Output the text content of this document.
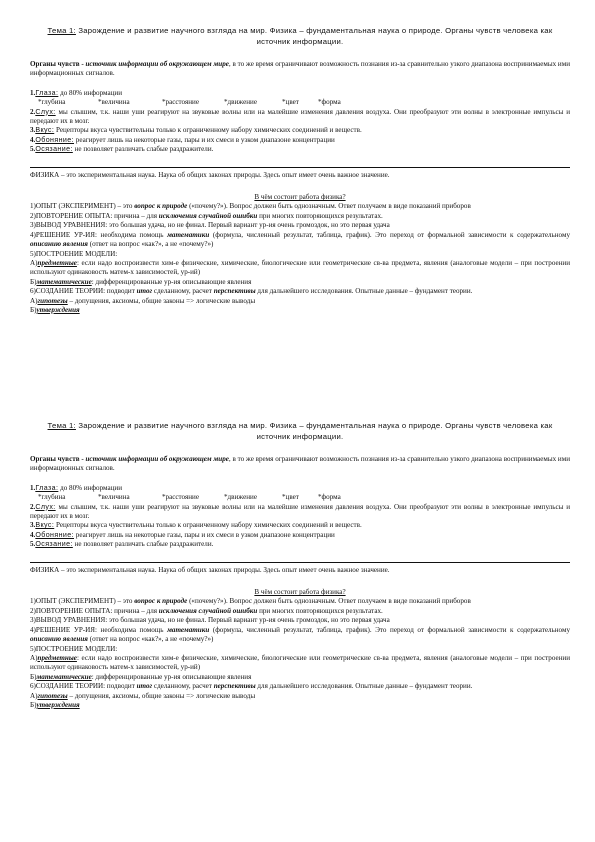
Тема 1: Зарождение и развитие научного взгляда на мир. Физика – фундаментальная наука о природе. Органы чувств человека как источник информации.

Органы чувств - источник информации об окружающем мире, в то же время ограничивают возможность познания из-за сравнительно узкого диапазона воспринимаемых ими информационных сигналов.

1.Глаза: до 80% информации

*глубина	*величина	*расстояние	*движение	*цвет	*форма

2.Слух: мы слышим, т.к. наши уши реагируют на звуковые волны или на малейшие изменения давления воздуха. Они преобразуют эти волны в электронные импульсы и передают их в мозг.

3.Вкус: Рецепторы вкуса чувствительны только к ограниченному набору химических соединений и веществ.

4.Обоняние: реагирует лишь на некоторые газы, пары и их смеси в узком диапазоне концентрации

5.Осязание: не позволяет различать слабые раздражители.

ФИЗИКА – это экспериментальная наука. Наука об общих законах природы. Здесь опыт имеет очень важное значение.

В чём состоит работа физика?

1)ОПЫТ (ЭКСПЕРИМЕНТ) – это вопрос к природе («почему?»). Вопрос должен быть однозначным. Ответ получаем в виде показаний приборов

2)ПОВТОРЕНИЕ ОПЫТА: причина – для исключения случайной ошибки при многих повторяющихся результатах.

3)ВЫВОД УРАВНЕНИЯ: это большая удача, но не финал. Первый вариант ур-ия очень громоздок, но это первая удача

4)РЕШЕНИЕ УР-ИЯ: необходима помощь математики (формула, численный результат, таблица, график). Это переход от формальной зависимости к содержательному описанию явления (ответ на вопрос «как?», а не «почему?»)

5)ПОСТРОЕНИЕ МОДЕЛИ:

А)предметные: если надо воспроизвести хим-е физические, химические, биологические или геометрические св-ва предмета, явления (аналоговые модели – при построении используют одинаковость матем-х зависимостей, ур-ий)

Б)математические: дифференцированные ур-ия описывающие явления

6)СОЗДАНИЕ ТЕОРИИ: подводит итог сделанному, расчет перспективы для дальнейшего исследования. Опытные данные – фундамент теории.

А)гипотезы – допущения, аксиомы, общие законы => логические выводы

Б)утверждения

Тема 1: Зарождение и развитие научного взгляда на мир. Физика – фундаментальная наука о природе. Органы чувств человека как источник информации.

Органы чувств - источник информации об окружающем мире, в то же время ограничивают возможность познания из-за сравнительно узкого диапазона воспринимаемых ими информационных сигналов.

1.Глаза: до 80% информации

*глубина	*величина	*расстояние	*движение	*цвет	*форма

2.Слух: мы слышим, т.к. наши уши реагируют на звуковые волны или на малейшие изменения давления воздуха. Они преобразуют эти волны в электронные импульсы и передают их в мозг.

3.Вкус: Рецепторы вкуса чувствительны только к ограниченному набору химических соединений и веществ.

4.Обоняние: реагирует лишь на некоторые газы, пары и их смеси в узком диапазоне концентрации

5.Осязание: не позволяет различать слабые раздражители.

ФИЗИКА – это экспериментальная наука. Наука об общих законах природы. Здесь опыт имеет очень важное значение.

В чём состоит работа физика?

1)ОПЫТ (ЭКСПЕРИМЕНТ) – это вопрос к природе («почему?»). Вопрос должен быть однозначным. Ответ получаем в виде показаний приборов

2)ПОВТОРЕНИЕ ОПЫТА: причина – для исключения случайной ошибки при многих повторяющихся результатах.

3)ВЫВОД УРАВНЕНИЯ: это большая удача, но не финал. Первый вариант ур-ия очень громоздок, но это первая удача

4)РЕШЕНИЕ УР-ИЯ: необходима помощь математики (формула, численный результат, таблица, график). Это переход от формальной зависимости к содержательному описанию явления (ответ на вопрос «как?», а не «почему?»)

5)ПОСТРОЕНИЕ МОДЕЛИ:

А)предметные: если надо воспроизвести хим-е физические, химические, биологические или геометрические св-ва предмета, явления (аналоговые модели – при построении используют одинаковость матем-х зависимостей, ур-ий)

Б)математические: дифференцированные ур-ия описывающие явления

6)СОЗДАНИЕ ТЕОРИИ: подводит итог сделанному, расчет перспективы для дальнейшего исследования. Опытные данные – фундамент теории.

А)гипотезы – допущения, аксиомы, общие законы => логические выводы

Б)утверждения
